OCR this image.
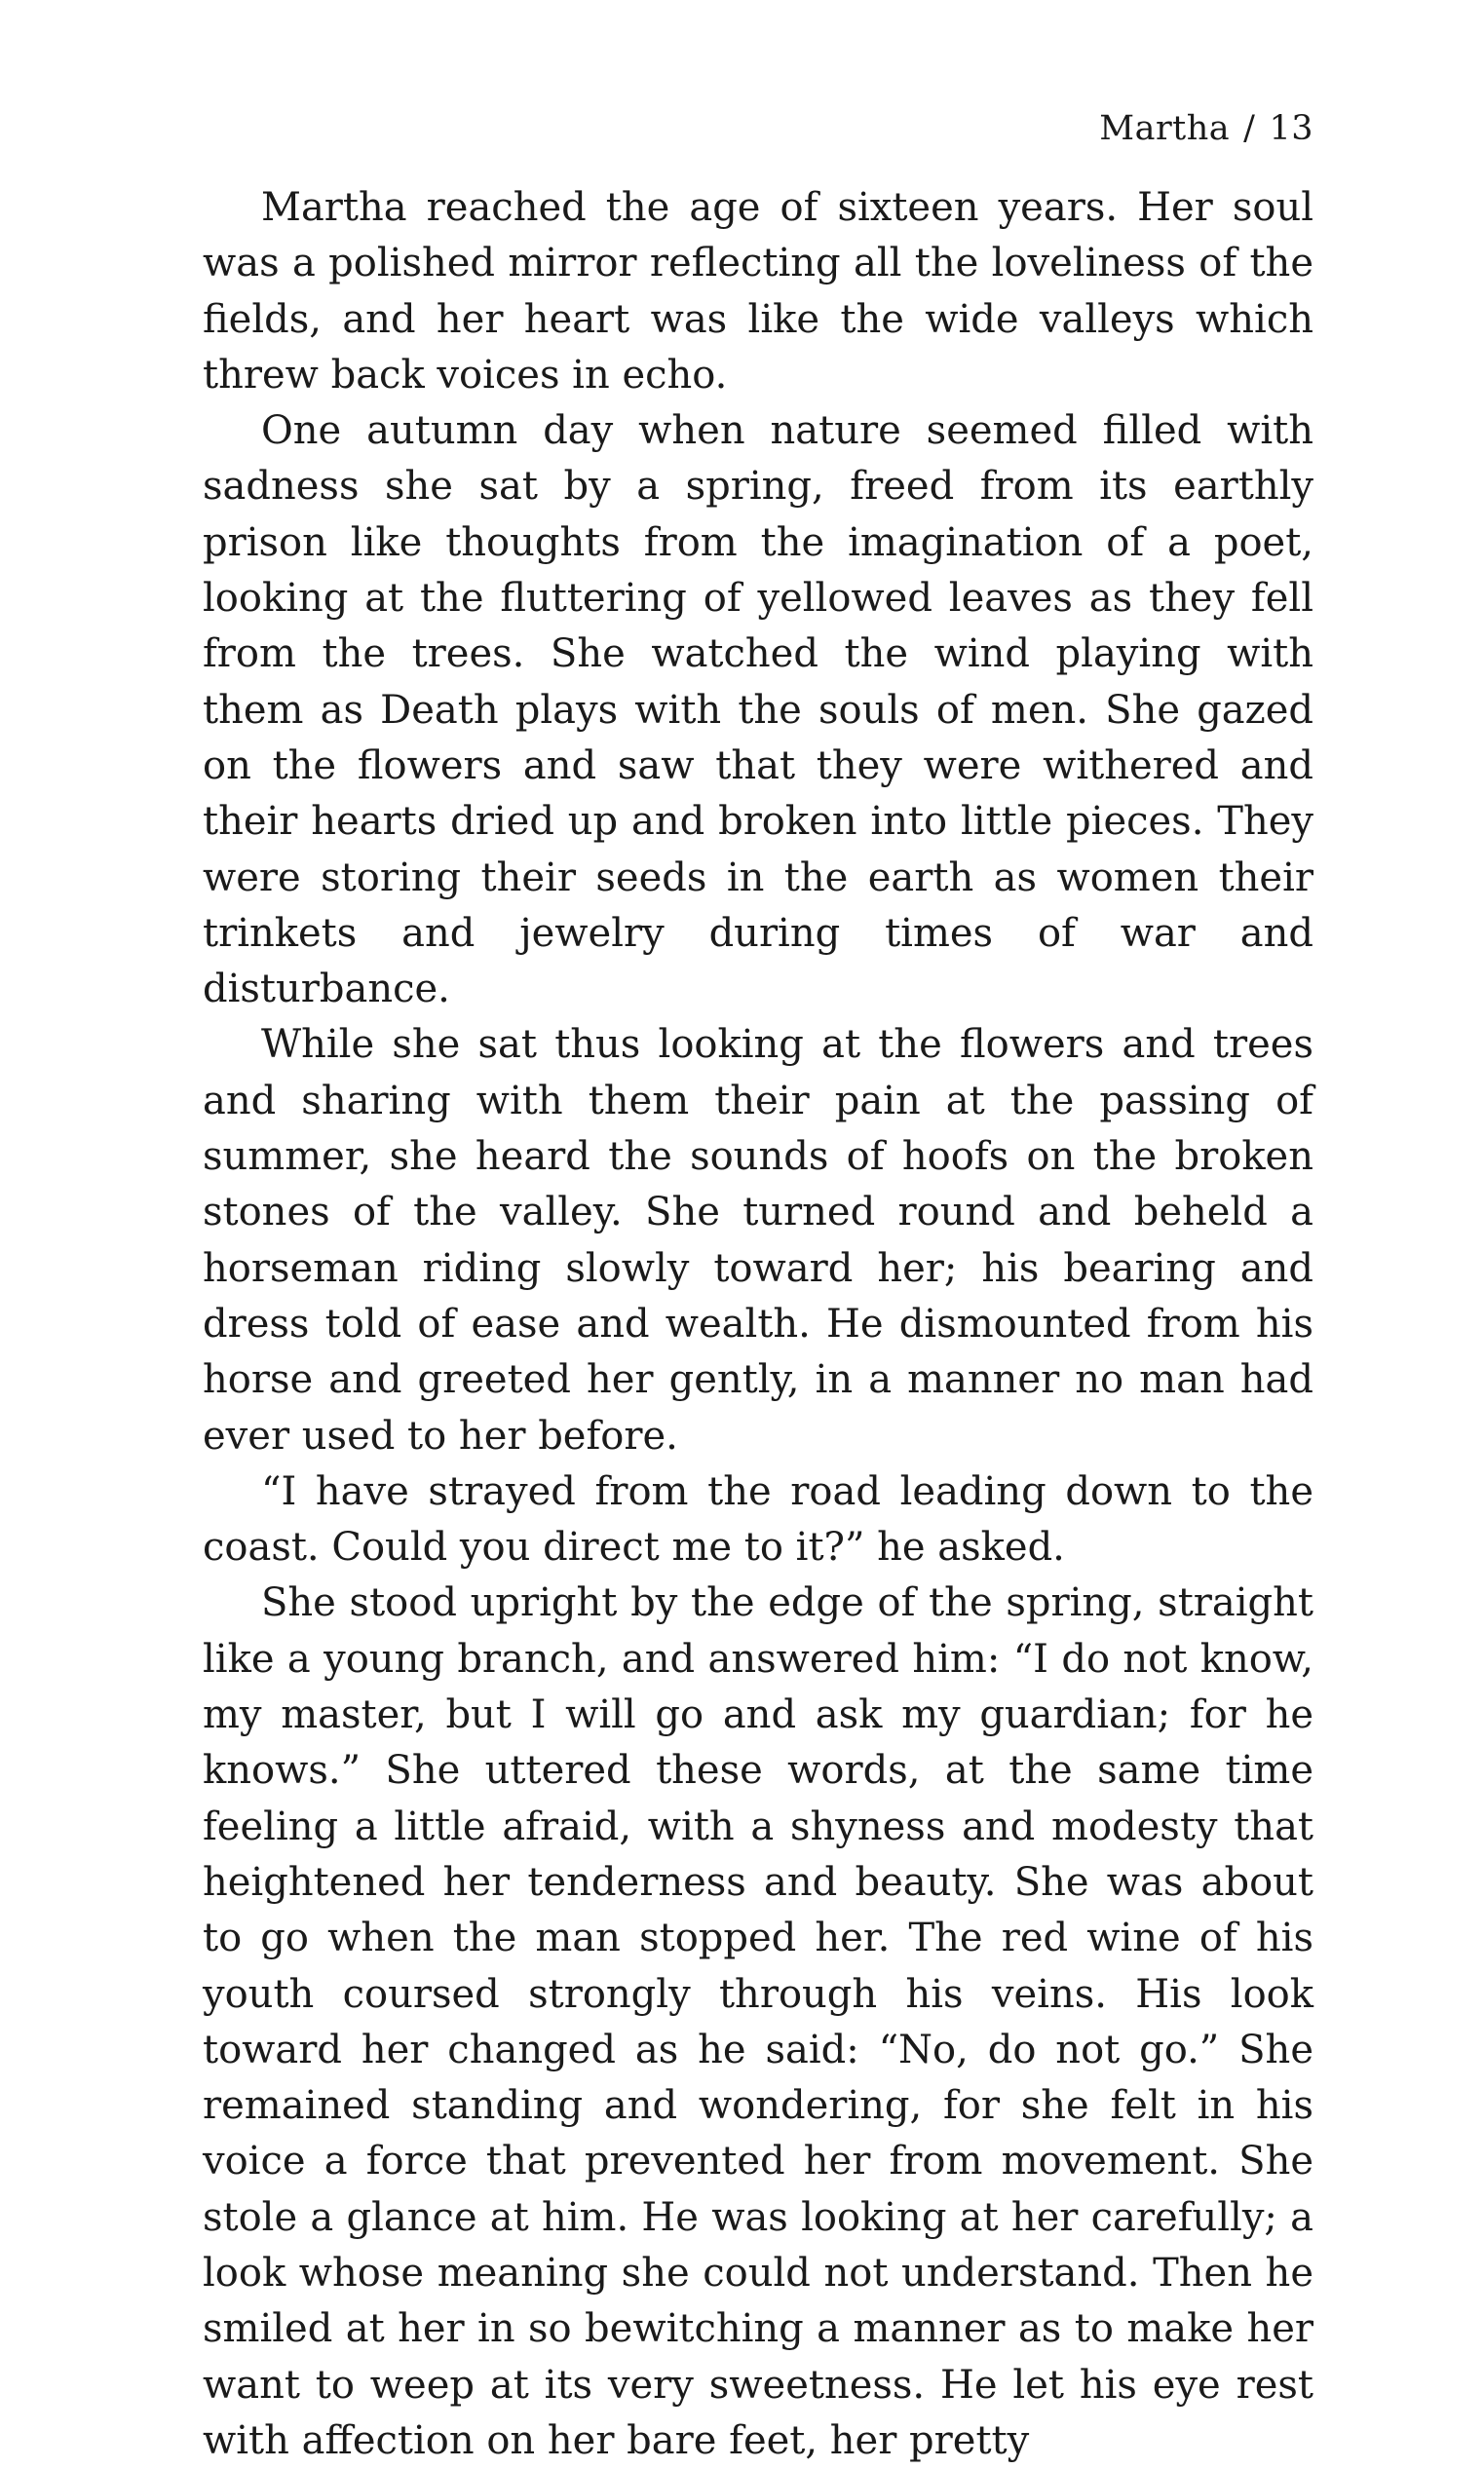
Martha / 13

Martha reached the age of sixteen years. Her soul was a polished mirror reflecting all the loveliness of the fields, and her heart was like the wide valleys which threw back voices in echo.

One autumn day when nature seemed filled with sadness she sat by a spring, freed from its earthly prison like thoughts from the imagination of a poet, looking at the fluttering of yellowed leaves as they fell from the trees. She watched the wind playing with them as Death plays with the souls of men. She gazed on the flowers and saw that they were withered and their hearts dried up and broken into little pieces. They were storing their seeds in the earth as women their trinkets and jewelry during times of war and disturbance.

While she sat thus looking at the flowers and trees and sharing with them their pain at the passing of summer, she heard the sounds of hoofs on the broken stones of the valley. She turned round and beheld a horseman riding slowly toward her; his bearing and dress told of ease and wealth. He dismounted from his horse and greeted her gently, in a manner no man had ever used to her before.

“I have strayed from the road leading down to the coast. Could you direct me to it?” he asked.

She stood upright by the edge of the spring, straight like a young branch, and answered him: “I do not know, my master, but I will go and ask my guardian; for he knows.” She uttered these words, at the same time feeling a little afraid, with a shyness and modesty that heightened her tenderness and beauty. She was about to go when the man stopped her. The red wine of his youth coursed strongly through his veins. His look toward her changed as he said: “No, do not go.” She remained standing and wondering, for she felt in his voice a force that prevented her from movement. She stole a glance at him. He was looking at her carefully; a look whose meaning she could not understand. Then he smiled at her in so bewitching a manner as to make her want to weep at its very sweetness. He let his eye rest with affection on her bare feet, her pretty
